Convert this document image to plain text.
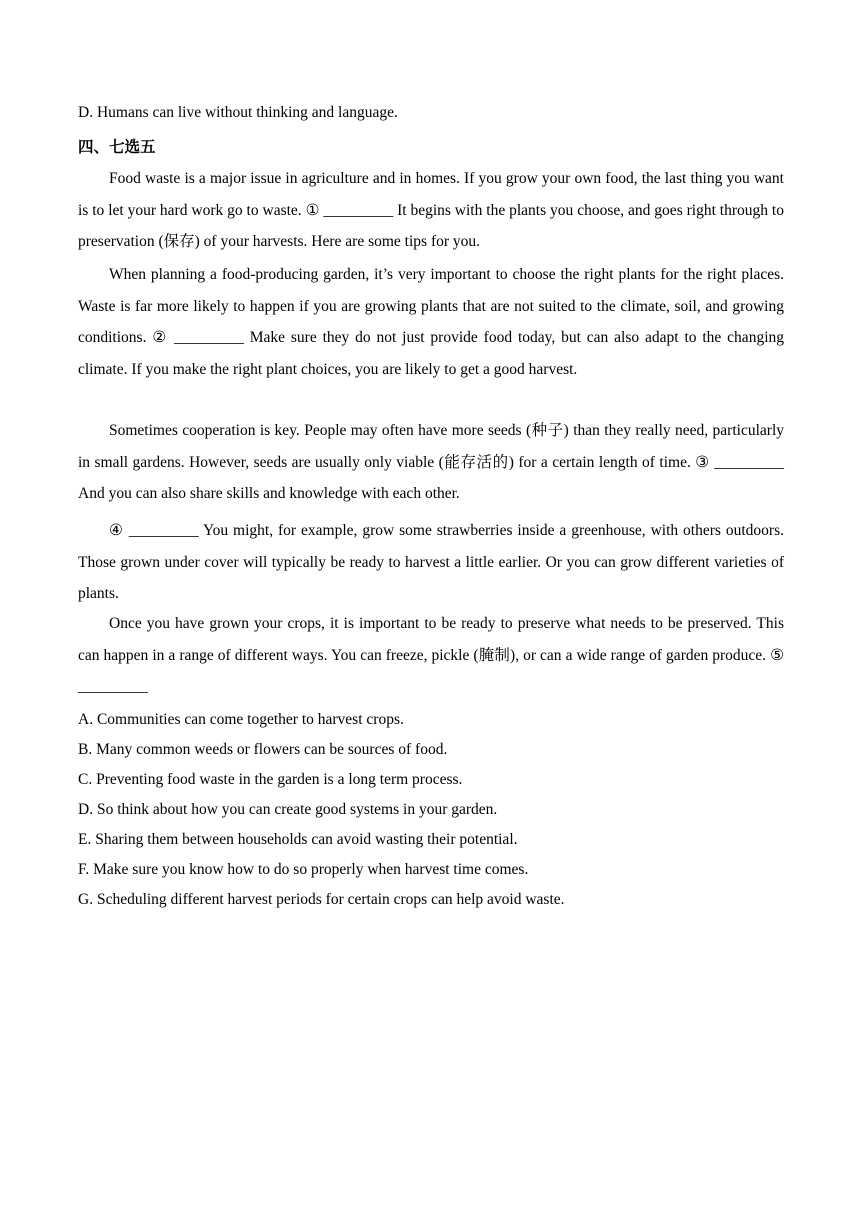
D. Humans can live without thinking and language.
四、七选五
Food waste is a major issue in agriculture and in homes. If you grow your own food, the last thing you want is to let your hard work go to waste. ① _________ It begins with the plants you choose, and goes right through to preservation (保存) of your harvests. Here are some tips for you.
When planning a food-producing garden, it’s very important to choose the right plants for the right places. Waste is far more likely to happen if you are growing plants that are not suited to the climate, soil, and growing conditions. ② _________ Make sure they do not just provide food today, but can also adapt to the changing climate. If you make the right plant choices, you are likely to get a good harvest.
Sometimes cooperation is key. People may often have more seeds (种子) than they really need, particularly in small gardens. However, seeds are usually only viable (能存活的) for a certain length of time. ③ _________ And you can also share skills and knowledge with each other.
④ _________ You might, for example, grow some strawberries inside a greenhouse, with others outdoors. Those grown under cover will typically be ready to harvest a little earlier. Or you can grow different varieties of plants.
Once you have grown your crops, it is important to be ready to preserve what needs to be preserved. This can happen in a range of different ways. You can freeze, pickle (腌制), or can a wide range of garden produce. ⑤ _________
A. Communities can come together to harvest crops.
B. Many common weeds or flowers can be sources of food.
C. Preventing food waste in the garden is a long term process.
D. So think about how you can create good systems in your garden.
E. Sharing them between households can avoid wasting their potential.
F. Make sure you know how to do so properly when harvest time comes.
G. Scheduling different harvest periods for certain crops can help avoid waste.
